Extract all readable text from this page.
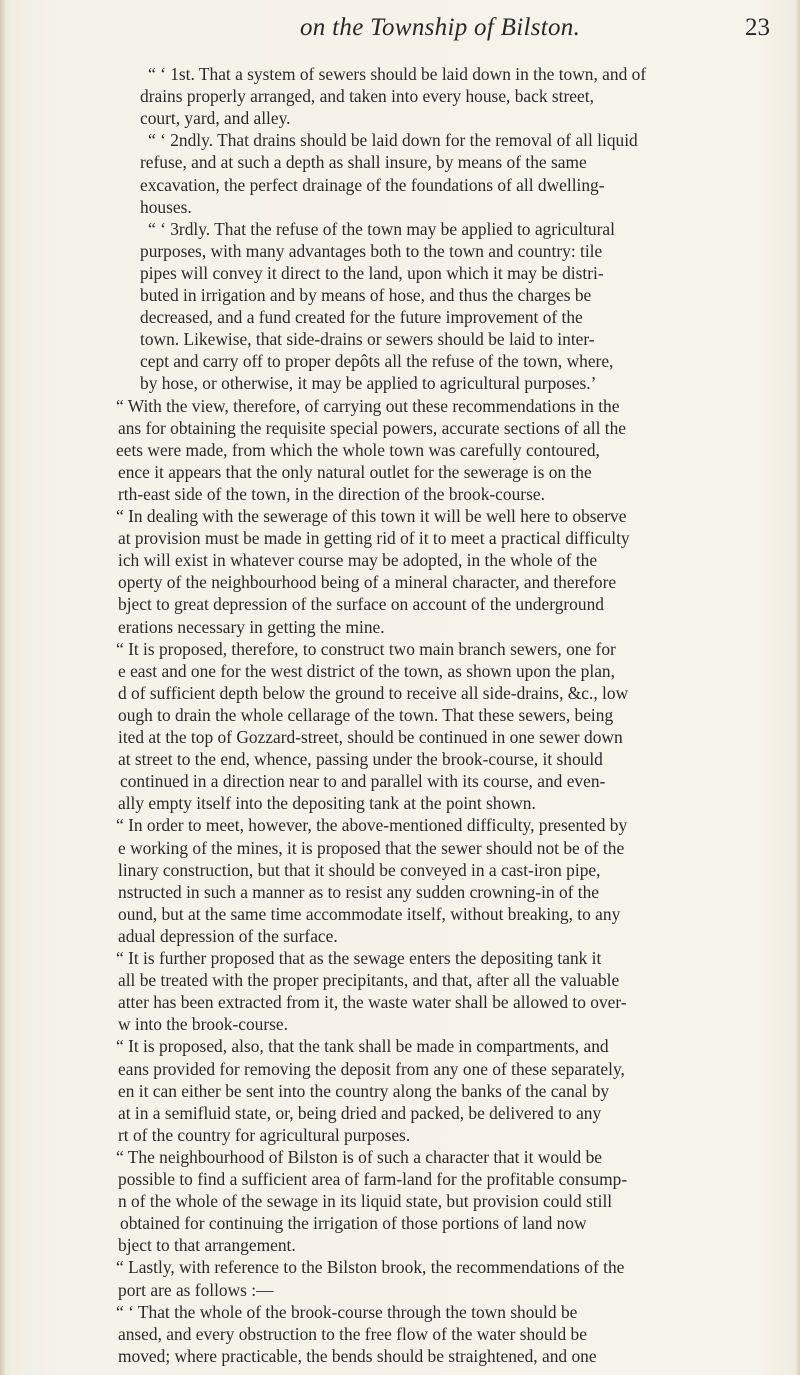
on the Township of Bilston.	23
“ ‘ 1st. That a system of sewers should be laid down in the town, and of
drains properly arranged, and taken into every house, back street,
court, yard, and alley.
“ ‘ 2ndly. That drains should be laid down for the removal of all liquid
refuse, and at such a depth as shall insure, by means of the same
excavation, the perfect drainage of the foundations of all dwelling-
houses.
“ ‘ 3rdly. That the refuse of the town may be applied to agricultural
purposes, with many advantages both to the town and country: tile
pipes will convey it direct to the land, upon which it may be distri-
buted in irrigation and by means of hose, and thus the charges be
decreased, and a fund created for the future improvement of the
town. Likewise, that side-drains or sewers should be laid to inter-
cept and carry off to proper depôts all the refuse of the town, where,
by hose, or otherwise, it may be applied to agricultural purposes.’
“ With the view, therefore, of carrying out these recommendations in the
ans for obtaining the requisite special powers, accurate sections of all the
eets were made, from which the whole town was carefully contoured,
ence it appears that the only natural outlet for the sewerage is on the
rth-east side of the town, in the direction of the brook-course.
“ In dealing with the sewerage of this town it will be well here to observe
at provision must be made in getting rid of it to meet a practical difficulty
ich will exist in whatever course may be adopted, in the whole of the
operty of the neighbourhood being of a mineral character, and therefore
bject to great depression of the surface on account of the underground
erations necessary in getting the mine.
“ It is proposed, therefore, to construct two main branch sewers, one for
e east and one for the west district of the town, as shown upon the plan,
d of sufficient depth below the ground to receive all side-drains, &c., low
ough to drain the whole cellarage of the town. That these sewers, being
ited at the top of Gozzard-street, should be continued in one sewer down
at street to the end, whence, passing under the brook-course, it should
continued in a direction near to and parallel with its course, and even-
ally empty itself into the depositing tank at the point shown.
“ In order to meet, however, the above-mentioned difficulty, presented by
e working of the mines, it is proposed that the sewer should not be of the
linary construction, but that it should be conveyed in a cast-iron pipe,
nstructed in such a manner as to resist any sudden crowning-in of the
ound, but at the same time accommodate itself, without breaking, to any
adual depression of the surface.
“ It is further proposed that as the sewage enters the depositing tank it
all be treated with the proper precipitants, and that, after all the valuable
atter has been extracted from it, the waste water shall be allowed to over-
w into the brook-course.
“ It is proposed, also, that the tank shall be made in compartments, and
eans provided for removing the deposit from any one of these separately,
en it can either be sent into the country along the banks of the canal by
at in a semifluid state, or, being dried and packed, be delivered to any
rt of the country for agricultural purposes.
“ The neighbourhood of Bilston is of such a character that it would be
possible to find a sufficient area of farm-land for the profitable consump-
n of the whole of the sewage in its liquid state, but provision could still
obtained for continuing the irrigation of those portions of land now
bject to that arrangement.
“ Lastly, with reference to the Bilston brook, the recommendations of the
port are as follows :—
“ ‘ That the whole of the brook-course through the town should be
ansed, and every obstruction to the free flow of the water should be
moved; where practicable, the bends should be straightened, and one
